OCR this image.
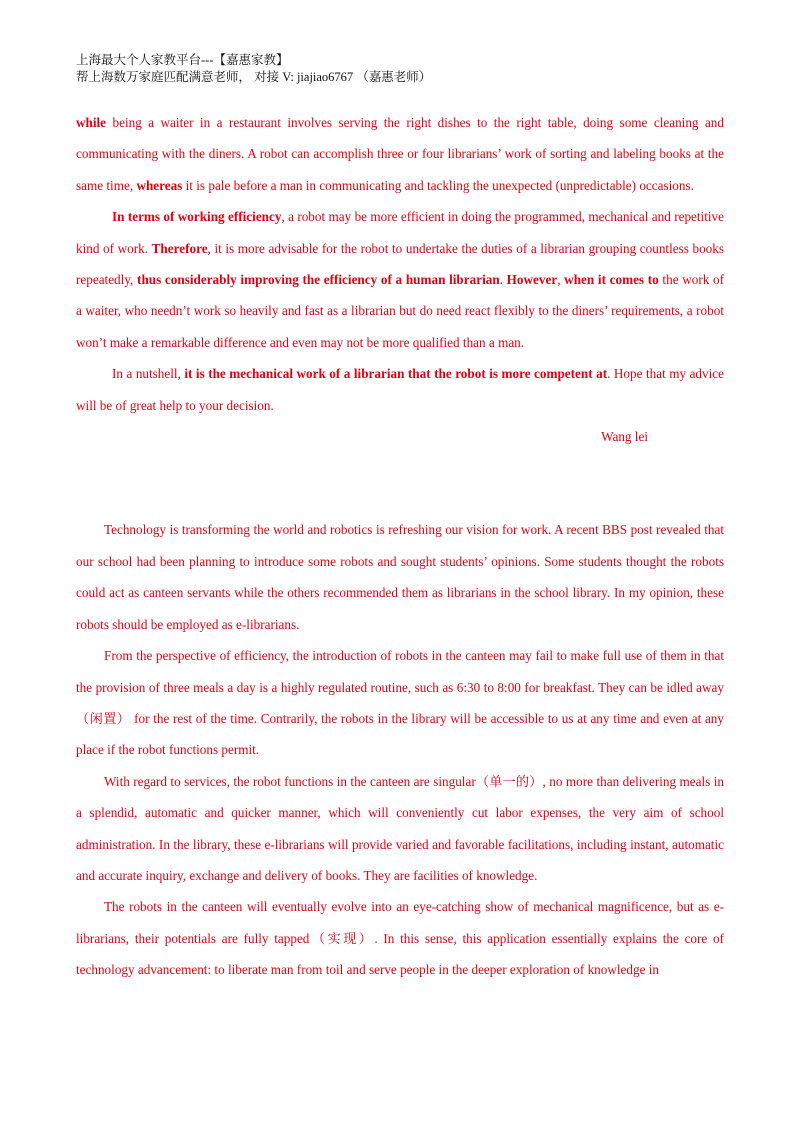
上海最大个人家教平台---【嘉惠家教】
帮上海数万家庭匹配满意老师， 对接 V: jiajiao6767 （嘉惠老师）

while being a waiter in a restaurant involves serving the right dishes to the right table, doing some cleaning and communicating with the diners. A robot can accomplish three or four librarians’ work of sorting and labeling books at the same time, whereas it is pale before a man in communicating and tackling the unexpected (unpredictable) occasions.

In terms of working efficiency, a robot may be more efficient in doing the programmed, mechanical and repetitive kind of work. Therefore, it is more advisable for the robot to undertake the duties of a librarian grouping countless books repeatedly, thus considerably improving the efficiency of a human librarian. However, when it comes to the work of a waiter, who needn’t work so heavily and fast as a librarian but do need react flexibly to the diners’ requirements, a robot won’t make a remarkable difference and even may not be more qualified than a man.

In a nutshell, it is the mechanical work of a librarian that the robot is more competent at. Hope that my advice will be of great help to your decision.

Wang lei

Technology is transforming the world and robotics is refreshing our vision for work. A recent BBS post revealed that our school had been planning to introduce some robots and sought students’ opinions. Some students thought the robots could act as canteen servants while the others recommended them as librarians in the school library. In my opinion, these robots should be employed as e-librarians.

From the perspective of efficiency, the introduction of robots in the canteen may fail to make full use of them in that the provision of three meals a day is a highly regulated routine, such as 6:30 to 8:00 for breakfast. They can be idled away（闲置） for the rest of the time. Contrarily, the robots in the library will be accessible to us at any time and even at any place if the robot functions permit.

With regard to services, the robot functions in the canteen are singular（单一的）, no more than delivering meals in a splendid, automatic and quicker manner, which will conveniently cut labor expenses, the very aim of school administration. In the library, these e-librarians will provide varied and favorable facilitations, including instant, automatic and accurate inquiry, exchange and delivery of books. They are facilities of knowledge.

The robots in the canteen will eventually evolve into an eye-catching show of mechanical magnificence, but as e-librarians, their potentials are fully tapped（实现）. In this sense, this application essentially explains the core of technology advancement: to liberate man from toil and serve people in the deeper exploration of knowledge in
